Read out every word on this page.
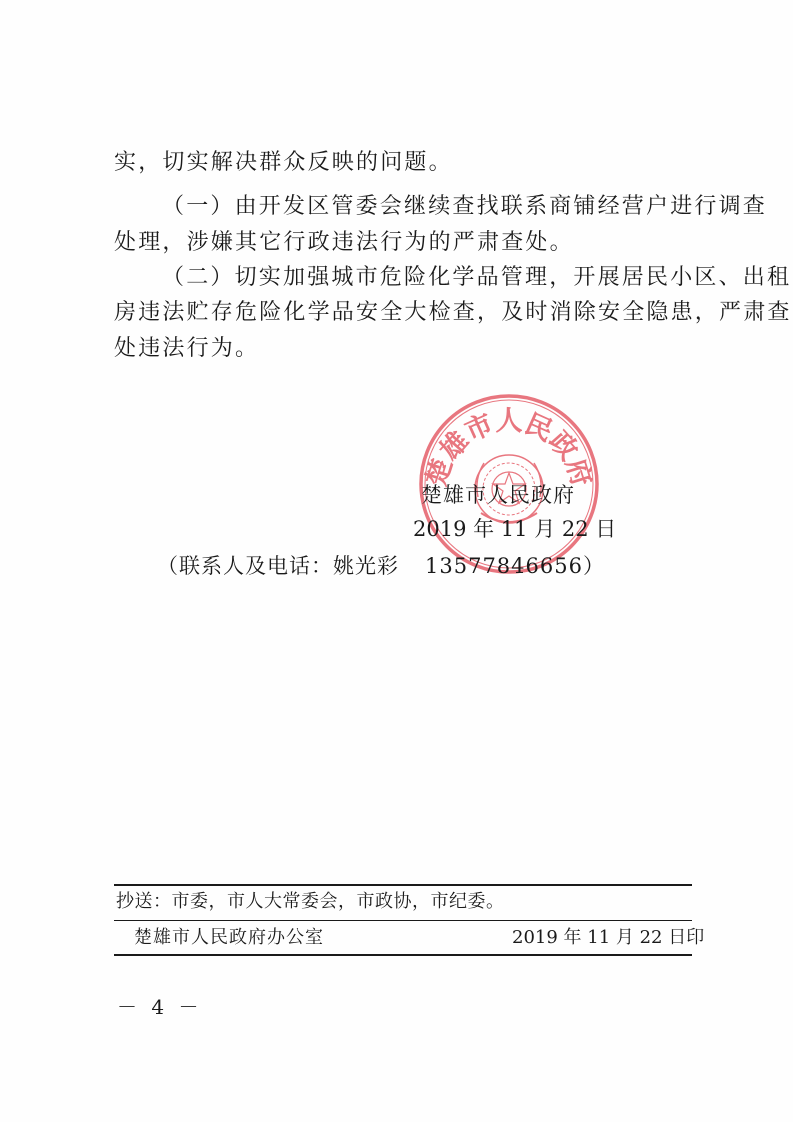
实，切实解决群众反映的问题。
（一）由开发区管委会继续查找联系商铺经营户进行调查
处理，涉嫌其它行政违法行为的严肃查处。
（二）切实加强城市危险化学品管理，开展居民小区、出租
房违法贮存危险化学品安全大检查，及时消除安全隐患，严肃查
处违法行为。
楚雄市人民政府
楚雄市人民政府
2019 年 11 月 22 日
（联系人及电话：姚光彩 13577846656）
抄送：市委，市人大常委会，市政协，市纪委。
楚雄市人民政府办公室	2019 年 11 月 22 日印
－ 4 －
